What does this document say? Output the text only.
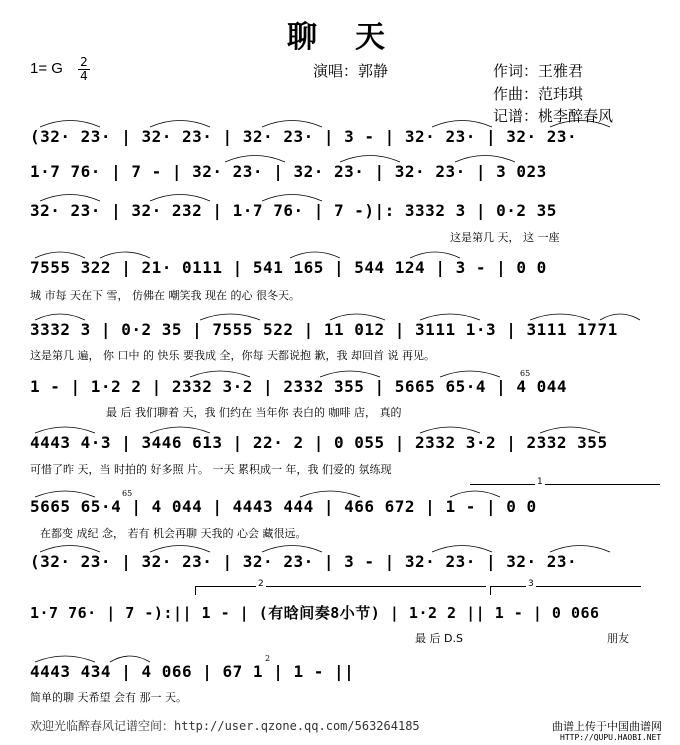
聊天
1= G 2
4	演唱：郭静	作词：王雅君
作曲：范玮琪
记谱：桃李醉春风
(32· 23· | 32· 23· | 32· 23· | 3 - | 32· 23· | 32· 23·
1·7 76· | 7 - | 32· 23· | 32· 23· | 32· 23· | 3 023
32· 23· | 32· 232 | 1·7 76· | 7 -)|: 3332 3 | 0·2 35
这是第几 天， 这 一座
7555 322 | 21· 0111 | 541 165 | 544 124 | 3 - | 0 0
城 市每 天在下 雪， 仿佛在 嘲笑我 现在 的心 很冬天。
3332 3 | 0·2 35 | 7555 522 | 11 012 | 3111 1·3 | 3111 1771
这是第几 遍， 你 口中 的 快乐 要我成 全，你每 天都说抱 歉，我 却回首 说 再见。
1 - | 1·2 2 | 2332 3·2 | 2332 355 | 5665 65·4 | 4 044
最 后 我们聊着 天，我 们约在 当年你 表白的 咖啡 店， 真的
4443 4·3 | 3446 613 | 22· 2 | 0 055 | 2332 3·2 | 2332 355
可惜了昨 天，当 时拍的 好多照 片。 一天 累积成一 年，我 们爱的 氛练现
5665 65·4 | 4 044 | 4443 444 | 466 672 | 1 - | 0 0
在都变 成纪 念， 若有 机会再聊 天我的 心会 藏很远。
(32· 23· | 32· 23· | 32· 23· | 3 - | 32· 23· | 32· 23·
1·7 76· | 7 -):|| 1 - | (有晗间奏8小节) | 1·2 2 || 1 - | 0 066
最 后 D.S	朋友
4443 434 | 4 066 | 67 1 | 1 - ||
简单的聊 天希望 会有 那一 天。
65
65
2
1
2	3
欢迎光临醉春风记谱空间：http://user.qzone.qq.com/563264185	曲谱上传于中国曲谱网
HTTP://QUPU.HAOBI.NET
